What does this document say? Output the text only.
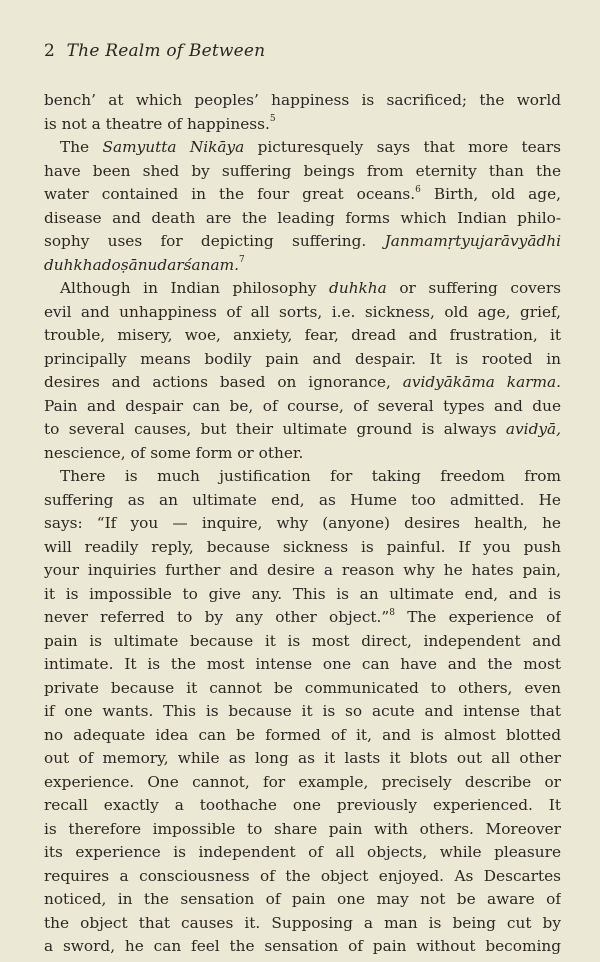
2 The Realm of Between
bench’ at which peoples’ happiness is sacrificed; the world
is not a theatre of happiness.$^5$
The Samyutta Nikāya picturesquely says that more tears
have been shed by suffering beings from eternity than the
water contained in the four great oceans.$^6$ Birth, old age,
disease and death are the leading forms which Indian philo-
sophy uses for depicting suffering. Janmamṛtyujarāvyādhi
duhkhadoṣānudarśanam.$^7$
Although in Indian philosophy duhkha or suffering covers
evil and unhappiness of all sorts, i.e. sickness, old age, grief,
trouble, misery, woe, anxiety, fear, dread and frustration, it
principally means bodily pain and despair. It is rooted in
desires and actions based on ignorance, avidyākāma karma.
Pain and despair can be, of course, of several types and due
to several causes, but their ultimate ground is always avidyā,
nescience, of some form or other.
There is much justification for taking freedom from
suffering as an ultimate end, as Hume too admitted. He
says: “If you — inquire, why (anyone) desires health, he
will readily reply, because sickness is painful. If you push
your inquiries further and desire a reason why he hates pain,
it is impossible to give any. This is an ultimate end, and is
never referred to by any other object.”$^8$ The experience of
pain is ultimate because it is most direct, independent and
intimate. It is the most intense one can have and the most
private because it cannot be communicated to others, even
if one wants. This is because it is so acute and intense that
no adequate idea can be formed of it, and is almost blotted
out of memory, while as long as it lasts it blots out all other
experience. One cannot, for example, precisely describe or
recall exactly a toothache one previously experienced. It
is therefore impossible to share pain with others. Moreover
its experience is independent of all objects, while pleasure
requires a consciousness of the object enjoyed. As Descartes
noticed, in the sensation of pain one may not be aware of
the object that causes it. Supposing a man is being cut by
a sword, he can feel the sensation of pain without becoming
